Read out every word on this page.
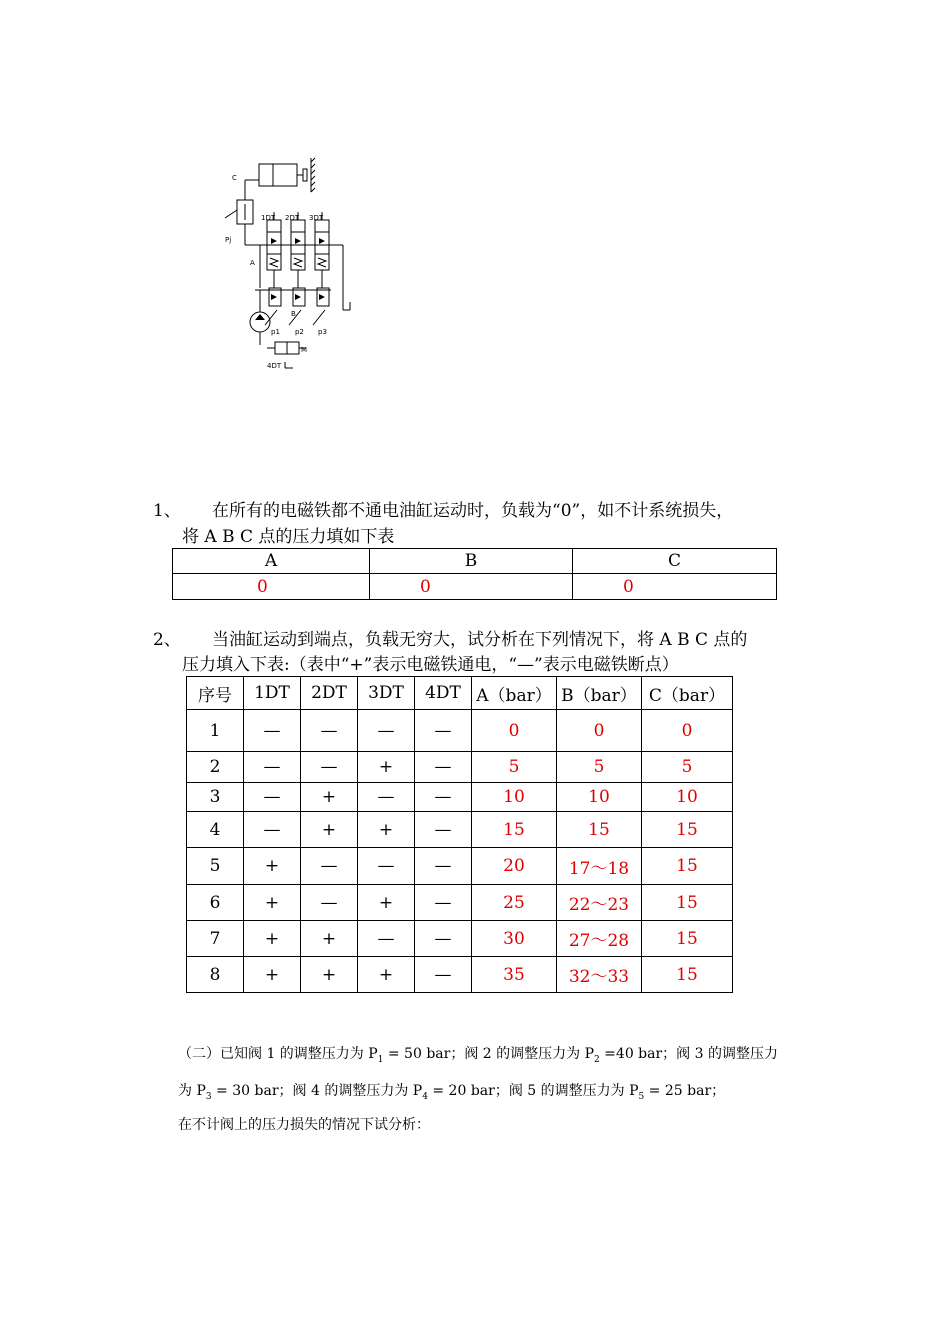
C
Pj
A
1DT 2DT 3DT
B
p1 p2 p3
4DT
M
1、 在所有的电磁铁都不通电油缸运动时，负载为“0”，如不计系统损失，
将 A B C 点的压力填如下表
A	B	C
0	0	0
2、 当油缸运动到端点，负载无穷大，试分析在下列情况下，将 A B C 点的
压力填入下表:（表中“+”表示电磁铁通电，“—”表示电磁铁断点）
序号	1DT	2DT	3DT	4DT	A（bar）	B（bar）	C（bar）
1	—	—	—	—	0	0	0
2	—	—	+	—	5	5	5
3	—	+	—	—	10	10	10
4	—	+	+	—	15	15	15
5	+	—	—	—	20	17～18	15
6	+	—	+	—	25	22～23	15
7	+	+	—	—	30	27～28	15
8	+	+	+	—	35	32～33	15
（二）已知阀 1 的调整压力为 $P_1 = 50$ bar；阀 2 的调整压力为 $P_2 =40$ bar；阀 3 的调整压力
为 $P_3 = 30$ bar；阀 4 的调整压力为 $P_4 = 20$ bar；阀 5 的调整压力为 $P_5 = 25$ bar；
在不计阀上的压力损失的情况下试分析：
